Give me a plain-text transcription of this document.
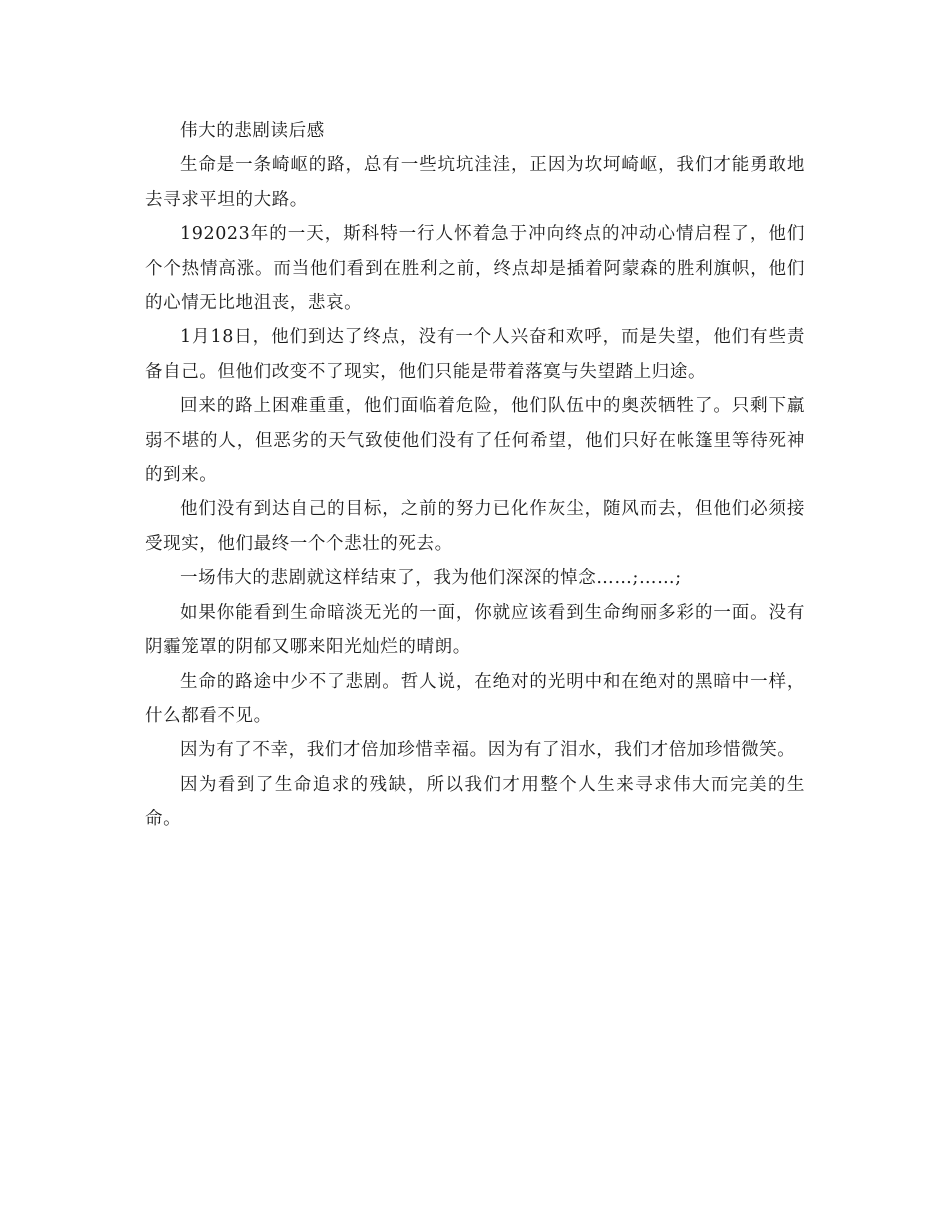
伟大的悲剧读后感

生命是一条崎岖的路，总有一些坑坑洼洼，正因为坎坷崎岖，我们才能勇敢地去寻求平坦的大路。

192023年的一天，斯科特一行人怀着急于冲向终点的冲动心情启程了，他们个个热情高涨。而当他们看到在胜利之前，终点却是插着阿蒙森的胜利旗帜，他们的心情无比地沮丧，悲哀。

1月18日，他们到达了终点，没有一个人兴奋和欢呼，而是失望，他们有些责备自己。但他们改变不了现实，他们只能是带着落寞与失望踏上归途。

回来的路上困难重重，他们面临着危险，他们队伍中的奥茨牺牲了。只剩下羸弱不堪的人，但恶劣的天气致使他们没有了任何希望，他们只好在帐篷里等待死神的到来。

他们没有到达自己的目标，之前的努力已化作灰尘，随风而去，但他们必须接受现实，他们最终一个个悲壮的死去。

一场伟大的悲剧就这样结束了，我为他们深深的悼念……;……;

如果你能看到生命暗淡无光的一面，你就应该看到生命绚丽多彩的一面。没有阴霾笼罩的阴郁又哪来阳光灿烂的晴朗。

生命的路途中少不了悲剧。哲人说，在绝对的光明中和在绝对的黑暗中一样，什么都看不见。

因为有了不幸，我们才倍加珍惜幸福。因为有了泪水，我们才倍加珍惜微笑。

因为看到了生命追求的残缺，所以我们才用整个人生来寻求伟大而完美的生命。
